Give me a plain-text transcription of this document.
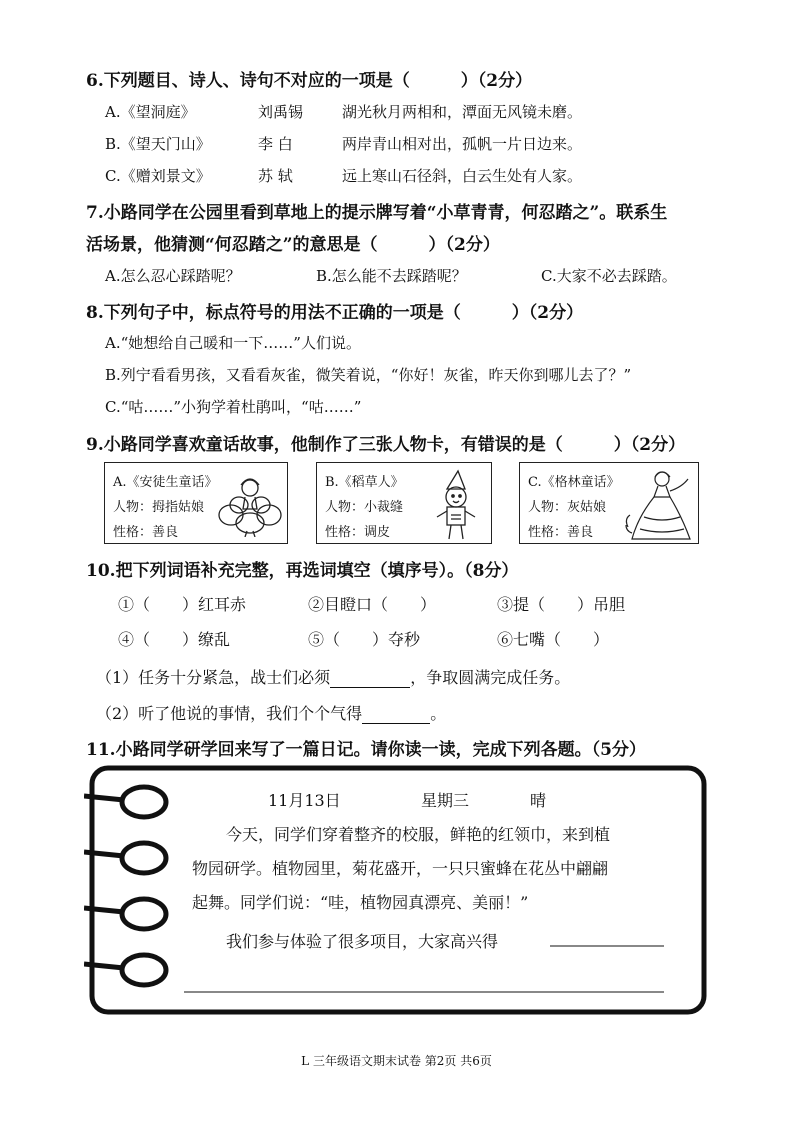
6.下列题目、诗人、诗句不对应的一项是（　　　）（2分）
A.《望洞庭》	刘禹锡	湖光秋月两相和，潭面无风镜未磨。
B.《望天门山》	李 白	两岸青山相对出，孤帆一片日边来。
C.《赠刘景文》	苏 轼	远上寒山石径斜，白云生处有人家。
7.小路同学在公园里看到草地上的提示牌写着“小草青青，何忍踏之”。联系生
活场景，他猜测“何忍踏之”的意思是（　　　）（2分）
A.怎么忍心踩踏呢？	B.怎么能不去踩踏呢？	C.大家不必去踩踏。
8.下列句子中，标点符号的用法不正确的一项是（　　　）（2分）
A.“她想给自己暖和一下……”人们说。
B.列宁看看男孩，又看看灰雀，微笑着说，“你好！灰雀，昨天你到哪儿去了？”
C.“咕……”小狗学着杜鹃叫，“咕……”
9.小路同学喜欢童话故事，他制作了三张人物卡，有错误的是（　　　）（2分）
A.《安徒生童话》
人物：拇指姑娘
性格：善良
B.《稻草人》
人物：小裁缝
性格：调皮
C.《格林童话》
人物：灰姑娘
性格：善良
10.把下列词语补充完整，再选词填空（填序号）。（8分）
①（　　）红耳赤	②目瞪口（　　）	③提（　　）吊胆
④（　　）缭乱	⑤（　　）夺秒	⑥七嘴（　　）
（1）任务十分紧急，战士们必须	，争取圆满完成任务。
（2）听了他说的事情，我们个个气得	。
11.小路同学研学回来写了一篇日记。请你读一读，完成下列各题。（5分）
11月13日	星期三	晴
今天，同学们穿着整齐的校服，鲜艳的红领巾，来到植
物园研学。植物园里，菊花盛开，一只只蜜蜂在花丛中翩翩
起舞。同学们说：“哇，植物园真漂亮、美丽！”
我们参与体验了很多项目，大家高兴得
L 三年级语文期末试卷 第2页 共6页
